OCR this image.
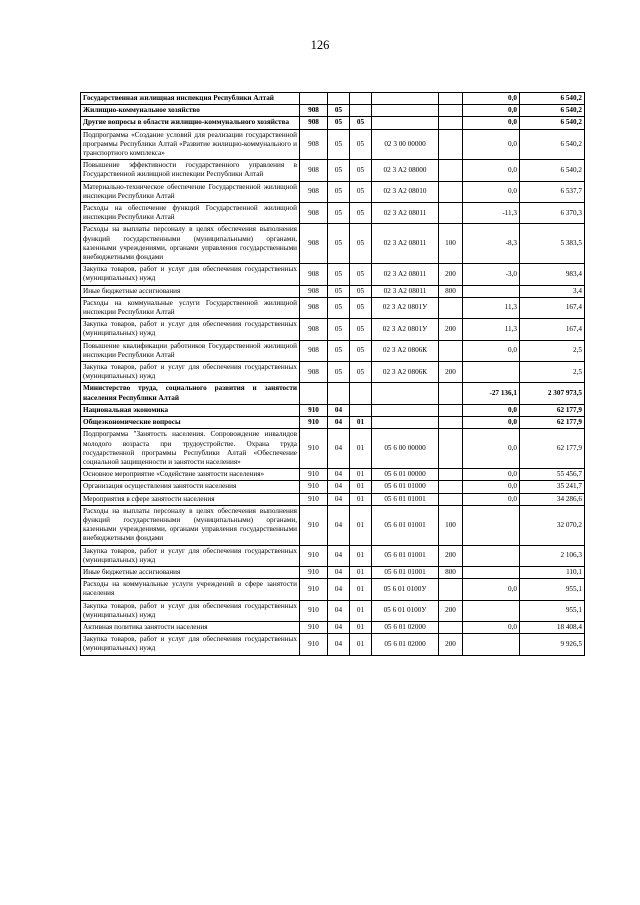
126
Государственная жилищная инспекция Республики Алтай						0,0	6 540,2
Жилищно-коммунальное хозяйство	908	05				0,0	6 540,2
Другие вопросы в области жилищно-коммунального хозяйства	908	05	05			0,0	6 540,2
Подпрограмма «Создание условий для реализации государственной программы Республики Алтай «Развитие жилищно-коммунального и транспортного комплекса»	908	05	05	02 3 00 00000		0,0	6 540,2
Повышение эффективности государственного управления в Государственной жилищной инспекции Республики Алтай	908	05	05	02 3 А2 08000		0,0	6 540,2
Материально-техническое обеспечение Государственной жилищной инспекции Республики Алтай	908	05	05	02 3 А2 08010		0,0	6 537,7
Расходы на обеспечение функций Государственной жилищной инспекции Республики Алтай	908	05	05	02 3 А2 08011		-11,3	6 370,3
Расходы на выплаты персоналу в целях обеспечения выполнения функций государственными (муниципальными) органами, казенными учреждениями, органами управления государственными внебюджетными фондами	908	05	05	02 3 А2 08011	100	-8,3	5 383,5
Закупка товаров, работ и услуг для обеспечения государственных (муниципальных) нужд	908	05	05	02 3 А2 08011	200	-3,0	983,4
Иные бюджетные ассигнования	908	05	05	02 3 А2 08011	800		3,4
Расходы на коммунальные услуги Государственной жилищной инспекции Республики Алтай	908	05	05	02 3 А2 0801У		11,3	167,4
Закупка товаров, работ и услуг для обеспечения государственных (муниципальных) нужд	908	05	05	02 3 А2 0801У	200	11,3	167,4
Повышение квалификации работников Государственной жилищной инспекции Республики Алтай	908	05	05	02 3 А2 0806К		0,0	2,5
Закупка товаров, работ и услуг для обеспечения государственных (муниципальных) нужд	908	05	05	02 3 А2 0806К	200		2,5
Министерство труда, социального развития и занятости населения Республики Алтай						-27 136,1	2 307 973,5
Национальная экономика	910	04				0,0	62 177,9
Общеэкономические вопросы	910	04	01			0,0	62 177,9
Подпрограмма "Занятость населения. Сопровождение инвалидов молодого возраста при трудоустройстве. Охрана труда государственной программы Республики Алтай «Обеспечение социальной защищенности и занятости населения»	910	04	01	05 6 00 00000		0,0	62 177,9
Основное мероприятие «Содействие занятости населения»	910	04	01	05 6 01 00000		0,0	55 456,7
Организация осуществления занятости населения	910	04	01	05 6 01 01000		0,0	35 241,7
Мероприятия в сфере занятости населения	910	04	01	05 6 01 01001		0,0	34 286,6
Расходы на выплаты персоналу в целях обеспечения выполнения функций государственными (муниципальными) органами, казенными учреждениями, органами управления государственными внебюджетными фондами	910	04	01	05 6 01 01001	100		32 070,2
Закупка товаров, работ и услуг для обеспечения государственных (муниципальных) нужд	910	04	01	05 6 01 01001	200		2 106,3
Иные бюджетные ассигнования	910	04	01	05 6 01 01001	800		110,1
Расходы на коммунальные услуги учреждений в сфере занятости населения	910	04	01	05 6 01 0100У		0,0	955,1
Закупка товаров, работ и услуг для обеспечения государственных (муниципальных) нужд	910	04	01	05 6 01 0100У	200		955,1
Активная политика занятости населения	910	04	01	05 6 01 02000		0,0	18 408,4
Закупка товаров, работ и услуг для обеспечения государственных (муниципальных) нужд	910	04	01	05 6 01 02000	200		9 926,5
